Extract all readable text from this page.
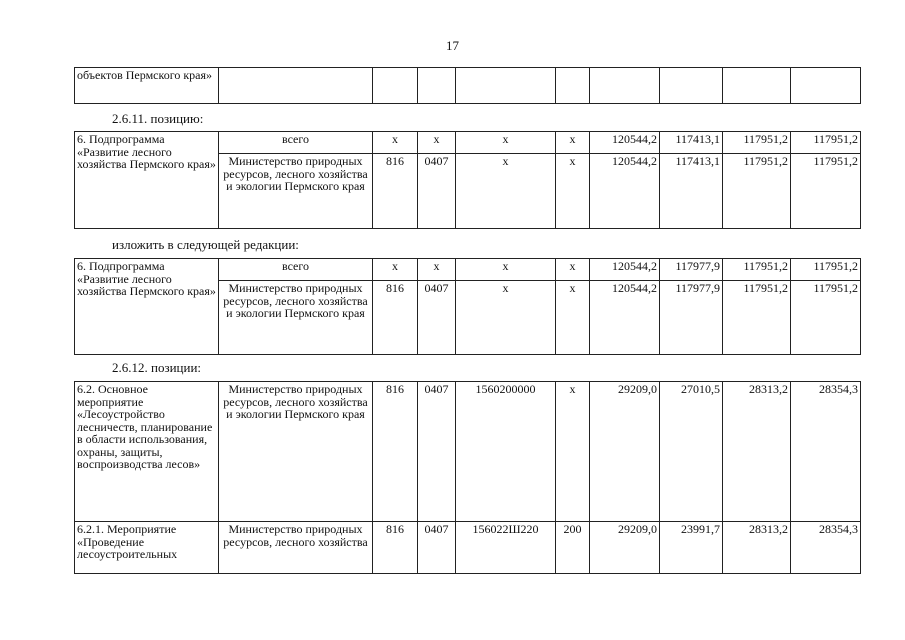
17
объектов Пермского края»									
2.6.11. позицию:
6. Подпрограмма «Развитие лесного хозяйства Пермского края»	всего	x	x	x	x	120544,2	117413,1	117951,2	117951,2
	Министерство природных ресурсов, лесного хозяйства и экологии Пермского края	816	0407	x	x	120544,2	117413,1	117951,2	117951,2
изложить в следующей редакции:
6. Подпрограмма «Развитие лесного хозяйства Пермского края»	всего	x	x	x	x	120544,2	117977,9	117951,2	117951,2
	Министерство природных ресурсов, лесного хозяйства и экологии Пермского края	816	0407	x	x	120544,2	117977,9	117951,2	117951,2
2.6.12. позиции:
6.2. Основное мероприятие «Лесоустройство лесничеств, планирование в области использования, охраны, защиты, воспроизводства лесов»	Министерство природных ресурсов, лесного хозяйства и экологии Пермского края	816	0407	1560200000	x	29209,0	27010,5	28313,2	28354,3
6.2.1. Мероприятие «Проведение лесоустроительных	Министерство природных ресурсов, лесного хозяйства	816	0407	156022Ш220	200	29209,0	23991,7	28313,2	28354,3
